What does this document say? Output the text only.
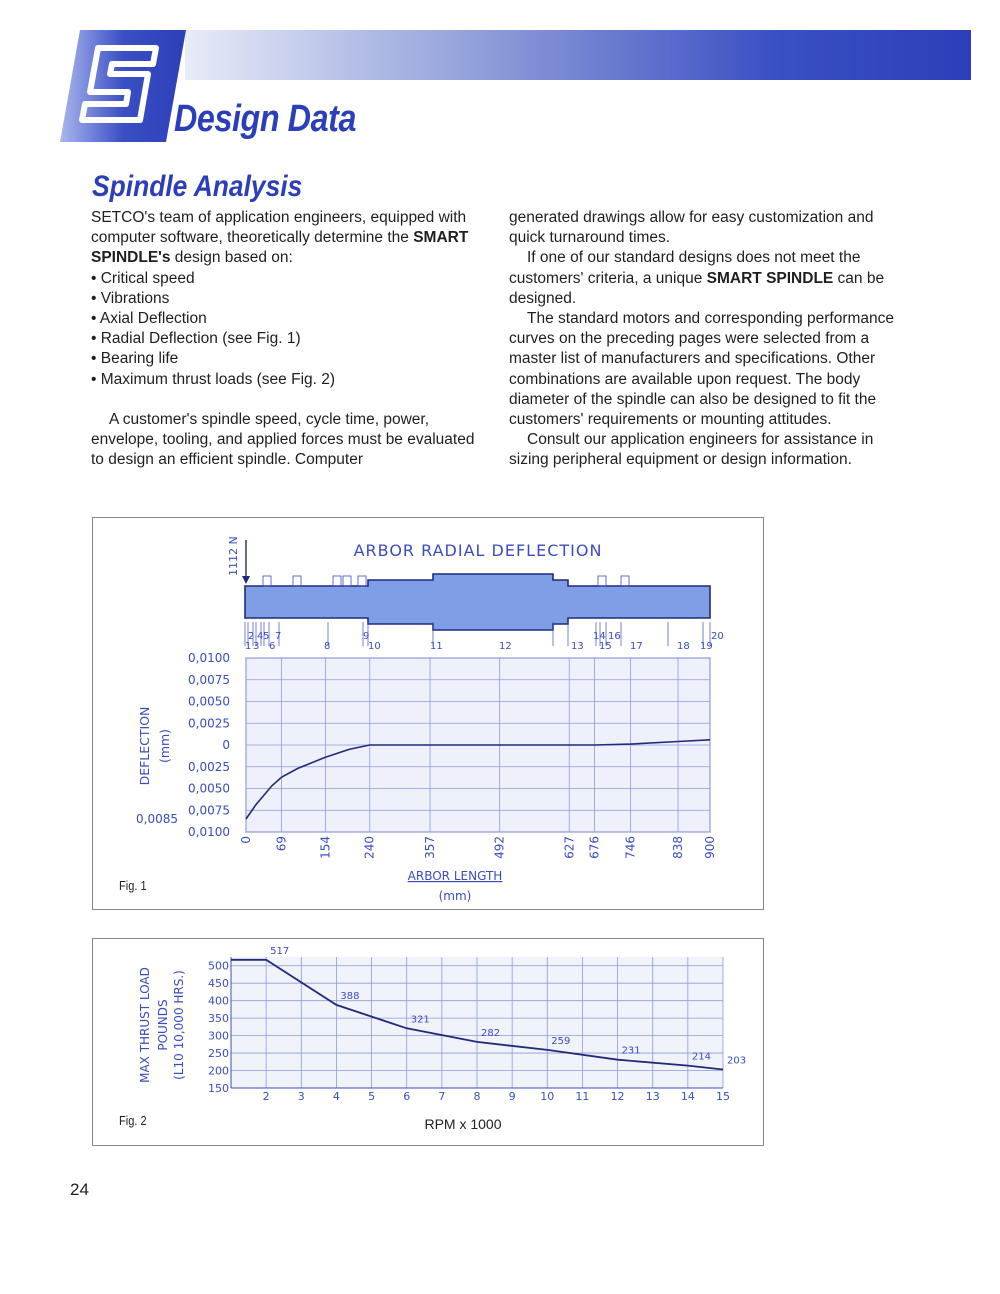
S
Design Data
Spindle Analysis

SETCO's team of application engineers, equipped with computer software, theoretically determine the SMART SPINDLE's design based on:

• Critical speed
• Vibrations
• Axial Deflection
• Radial Deflection (see Fig. 1)
• Bearing life
• Maximum thrust loads (see Fig. 2)

A customer's spindle speed, cycle time, power, envelope, tooling, and applied forces must be evaluated to design an efficient spindle. Computer

generated drawings allow for easy customization and quick turnaround times.

If one of our standard designs does not meet the customers' criteria, a unique SMART SPINDLE can be designed.

The standard motors and corresponding performance curves on the preceding pages were selected from a master list of manufacturers and specifications. Other combinations are available upon request. The body diameter of the spindle can also be designed to fit the customers' requirements or mounting attitudes.

Consult our application engineers for assistance in sizing peripheral equipment or design information.

0,0100
0,0075
0,0050
0,0025
0
0,0025
0,0050
0,0075
0,0100
0 69 154	240	357	492	627 676 746	838 900
ARBOR RADIAL DEFLECTION
1112 N
1
2
3
4 5
6
7
8
9
10	11	12	13
14
15
16
17	18 19
20
DEFLECTION (mm)
ARBOR LENGTH
(mm)
0,0085
Fig. 1
150
200
250
300
350
400
450
500
2	3	4	5	6	7	8	9 10 11 12 13 14 15
517
388
321
282
259
231
214 203
MAX THRUST LOAD POUNDS (L10 10,000 HRS.)
RPM x 1000
Fig. 2
24
